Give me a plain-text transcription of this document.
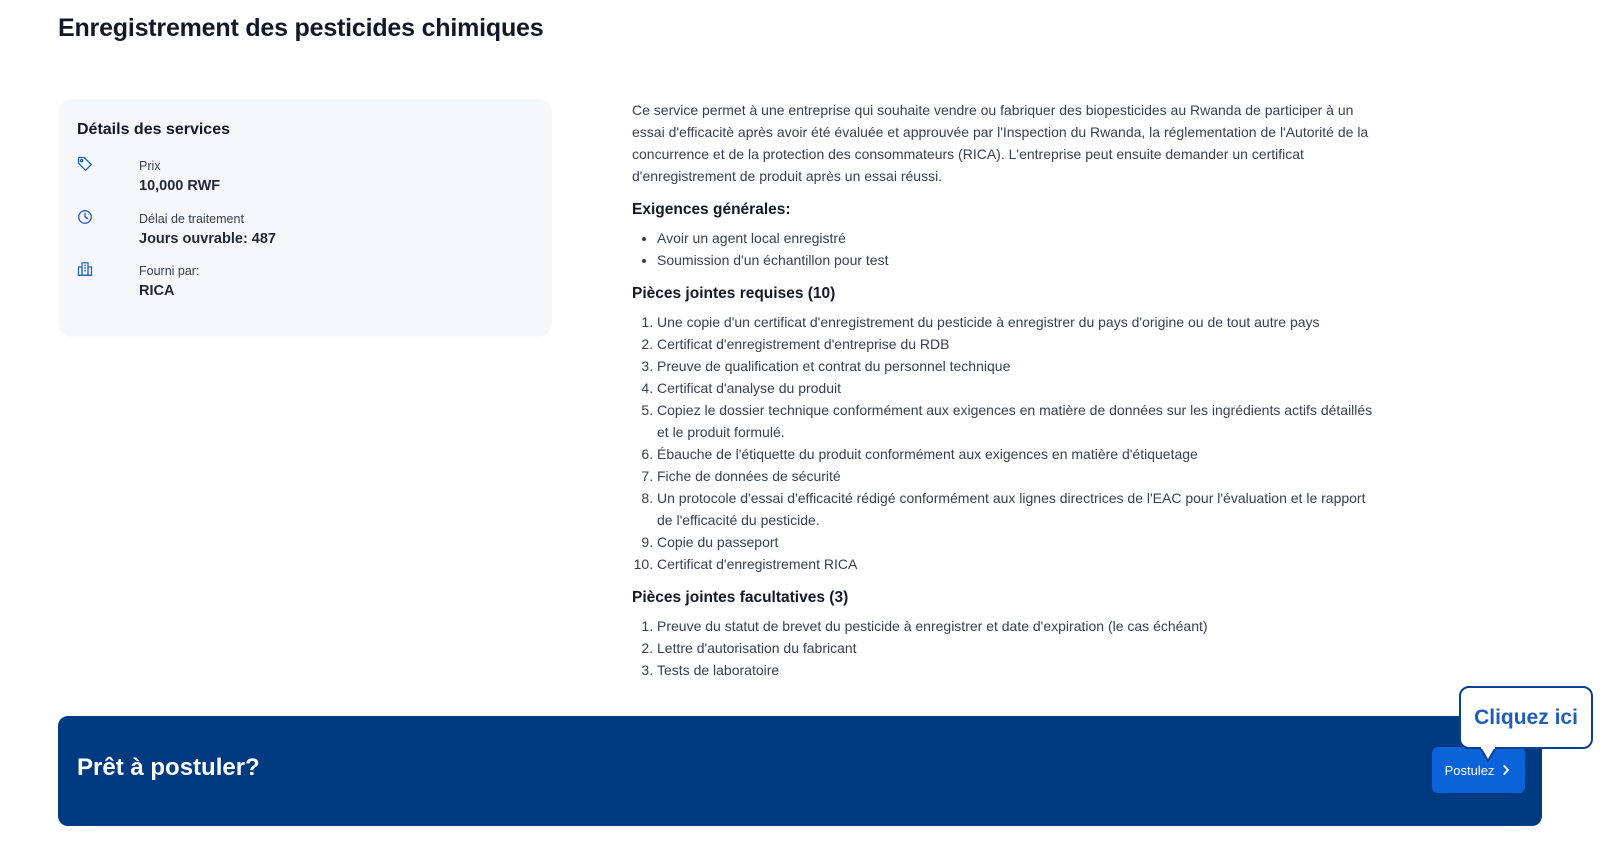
Enregistrement des pesticides chimiques
Détails des services
Prix
10,000 RWF
Délai de traitement
Jours ouvrable: 487
Fourni par:
RICA

Ce service permet à une entreprise qui souhaite vendre ou fabriquer des biopesticides au Rwanda de participer à un essai d'efficacitè après avoir été évaluée et approuvée par l'Inspection du Rwanda, la réglementation de l'Autorité de la concurrence et de la protection des consommateurs (RICA). L'entreprise peut ensuite demander un certificat d'enregistrement de produit après un essai réussi.

Exigences générales:
• Avoir un agent local enregistré
• Soumission d'un échantillon pour test
Pièces jointes requises (10)
1. Une copie d'un certificat d'enregistrement du pesticide à enregistrer du pays d'origine ou de tout autre pays
2. Certificat d'enregistrement d'entreprise du RDB
3. Preuve de qualification et contrat du personnel technique
4. Certificat d'analyse du produit
5. Copiez le dossier technique conformément aux exigences en matière de données sur les ingrédients actifs détaillés et le produit formulé.
6. Ébauche de l'étiquette du produit conformément aux exigences en matière d'étiquetage
7. Fiche de données de sécurité
8. Un protocole d'essai d'efficacité rédigé conformément aux lignes directrices de l'EAC pour l'évaluation et le rapport de l'efficacité du pesticide.
9. Copie du passeport
10. Certificat d'enregistrement RICA
Pièces jointes facultatives (3)
1. Preuve du statut de brevet du pesticide à enregistrer et date d'expiration (le cas échéant)
2. Lettre d'autorisation du fabricant
3. Tests de laboratoire
Prêt à postuler?	Postulez
Cliquez ici
